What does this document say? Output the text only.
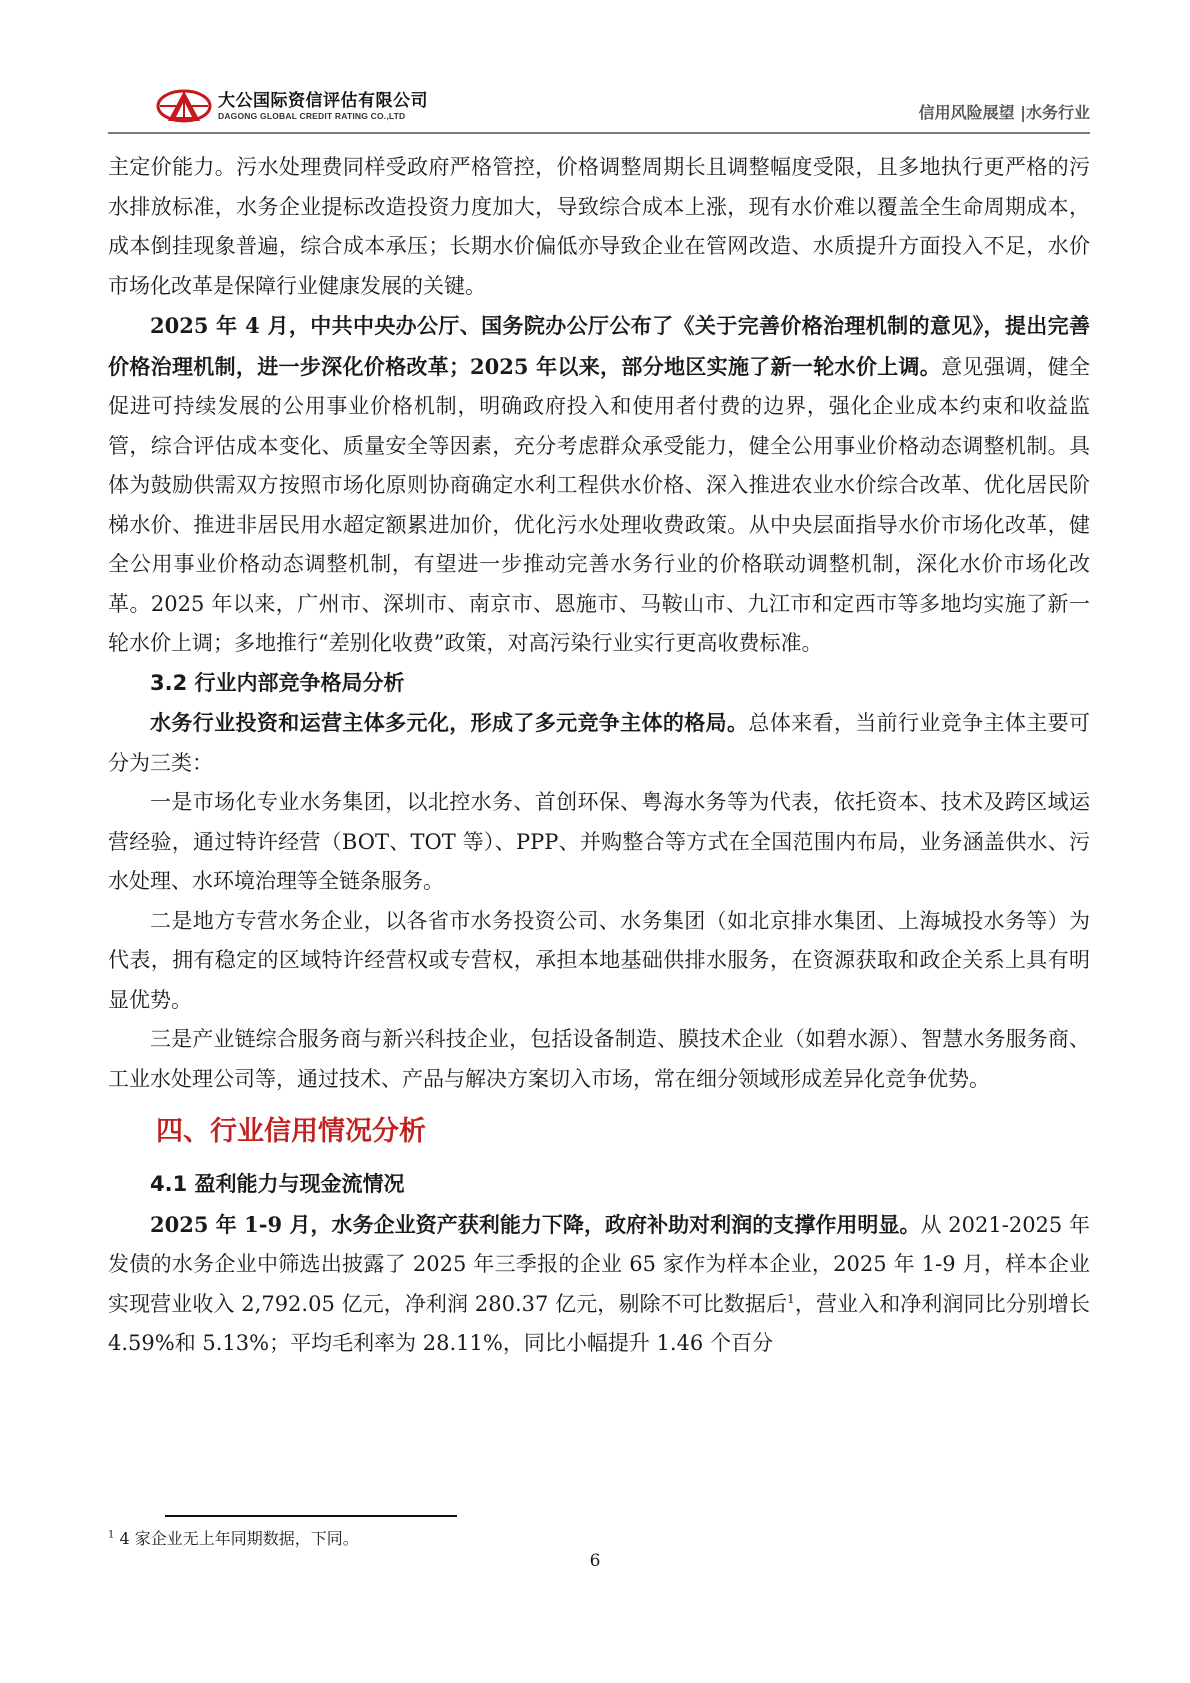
大公国际资信评估有限公司
DAGONG GLOBAL CREDIT RATING CO.,LTD	信用风险展望 |水务行业

主定价能力。污水处理费同样受政府严格管控，价格调整周期长且调整幅度受限，且多地执行更严格的污水排放标准，水务企业提标改造投资力度加大，导致综合成本上涨，现有水价难以覆盖全生命周期成本，成本倒挂现象普遍，综合成本承压；长期水价偏低亦导致企业在管网改造、水质提升方面投入不足，水价市场化改革是保障行业健康发展的关键。

2025 年 4 月，中共中央办公厅、国务院办公厅公布了《关于完善价格治理机制的意见》，提出完善价格治理机制，进一步深化价格改革；2025 年以来，部分地区实施了新一轮水价上调。意见强调，健全促进可持续发展的公用事业价格机制，明确政府投入和使用者付费的边界，强化企业成本约束和收益监管，综合评估成本变化、质量安全等因素，充分考虑群众承受能力，健全公用事业价格动态调整机制。具体为鼓励供需双方按照市场化原则协商确定水利工程供水价格、深入推进农业水价综合改革、优化居民阶梯水价、推进非居民用水超定额累进加价，优化污水处理收费政策。从中央层面指导水价市场化改革，健全公用事业价格动态调整机制，有望进一步推动完善水务行业的价格联动调整机制，深化水价市场化改革。2025 年以来，广州市、深圳市、南京市、恩施市、马鞍山市、九江市和定西市等多地均实施了新一轮水价上调；多地推行“差别化收费”政策，对高污染行业实行更高收费标准。

3.2 行业内部竞争格局分析

水务行业投资和运营主体多元化，形成了多元竞争主体的格局。总体来看，当前行业竞争主体主要可分为三类：

一是市场化专业水务集团，以北控水务、首创环保、粤海水务等为代表，依托资本、技术及跨区域运营经验，通过特许经营（BOT、TOT 等）、PPP、并购整合等方式在全国范围内布局，业务涵盖供水、污水处理、水环境治理等全链条服务。

二是地方专营水务企业，以各省市水务投资公司、水务集团（如北京排水集团、上海城投水务等）为代表，拥有稳定的区域特许经营权或专营权，承担本地基础供排水服务，在资源获取和政企关系上具有明显优势。

三是产业链综合服务商与新兴科技企业，包括设备制造、膜技术企业（如碧水源）、智慧水务服务商、工业水处理公司等，通过技术、产品与解决方案切入市场，常在细分领域形成差异化竞争优势。

四、行业信用情况分析
4.1 盈利能力与现金流情况

2025 年 1-9 月，水务企业资产获利能力下降，政府补助对利润的支撑作用明显。从 2021-2025 年发债的水务企业中筛选出披露了 2025 年三季报的企业 65 家作为样本企业，2025 年 1-9 月，样本企业实现营业收入 2,792.05 亿元，净利润 280.37 亿元，剔除不可比数据后$^1$，营业入和净利润同比分别增长 4.59%和 5.13%；平均毛利率为 28.11%，同比小幅提升 1.46 个百分

$^1$ 4 家企业无上年同期数据，下同。
6
